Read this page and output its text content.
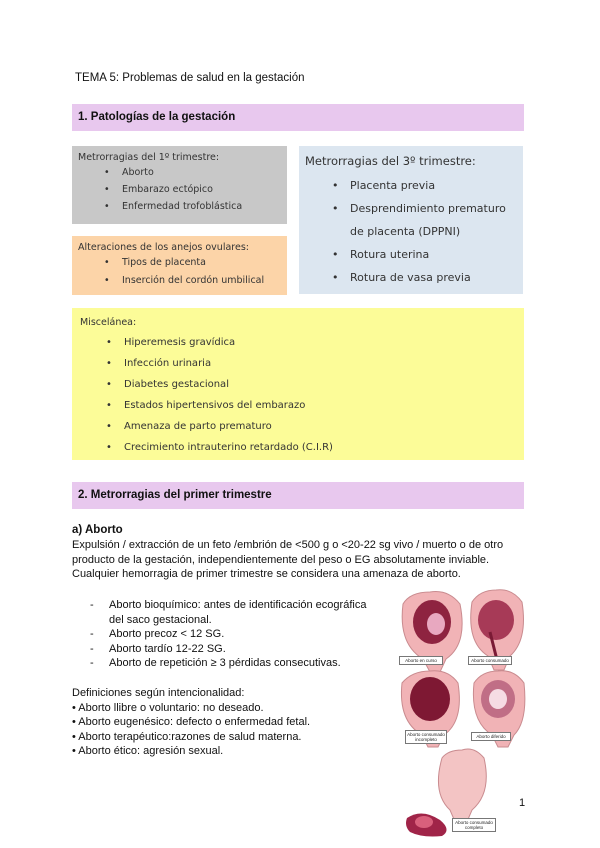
TEMA 5: Problemas de salud en la gestación
1. Patologías de la gestación
Metrorragias del 1º trimestre:
• Aborto
• Embarazo ectópico
• Enfermedad trofoblástica
Alteraciones de los anejos ovulares:
• Tipos de placenta
• Inserción del cordón umbilical
Metrorragias del 3º trimestre:
• Placenta previa
• Desprendimiento prematuro de placenta (DPPNI)
• Rotura uterina
• Rotura de vasa previa
Miscelánea:
• Hiperemesis gravídica
• Infección urinaria
• Diabetes gestacional
• Estados hipertensivos del embarazo
• Amenaza de parto prematuro
• Crecimiento intrauterino retardado (C.I.R)
2. Metrorragias del primer trimestre
a) Aborto
Expulsión / extracción de un feto /embrión de <500 g o <20-22 sg vivo / muerto o de otro producto de la gestación, independientemente del peso o EG absolutamente inviable.
Cualquier hemorragia de primer trimestre se considera una amenaza de aborto.
- Aborto bioquímico: antes de identificación ecográfica del saco gestacional.
- Aborto precoz < 12 SG.
- Aborto tardío 12-22 SG.
- Aborto de repetición ≥ 3 pérdidas consecutivas.
Definiciones según intencionalidad:
• Aborto llibre o voluntario: no deseado.
• Aborto eugenésico: defecto o enfermedad fetal.
• Aborto terapéutico:razones de salud materna.
• Aborto ético: agresión sexual.
Aborto en curso	Aborto consumado
Aborto consumado incompleto
Aborto diferido
Aborto consumado completo
1
